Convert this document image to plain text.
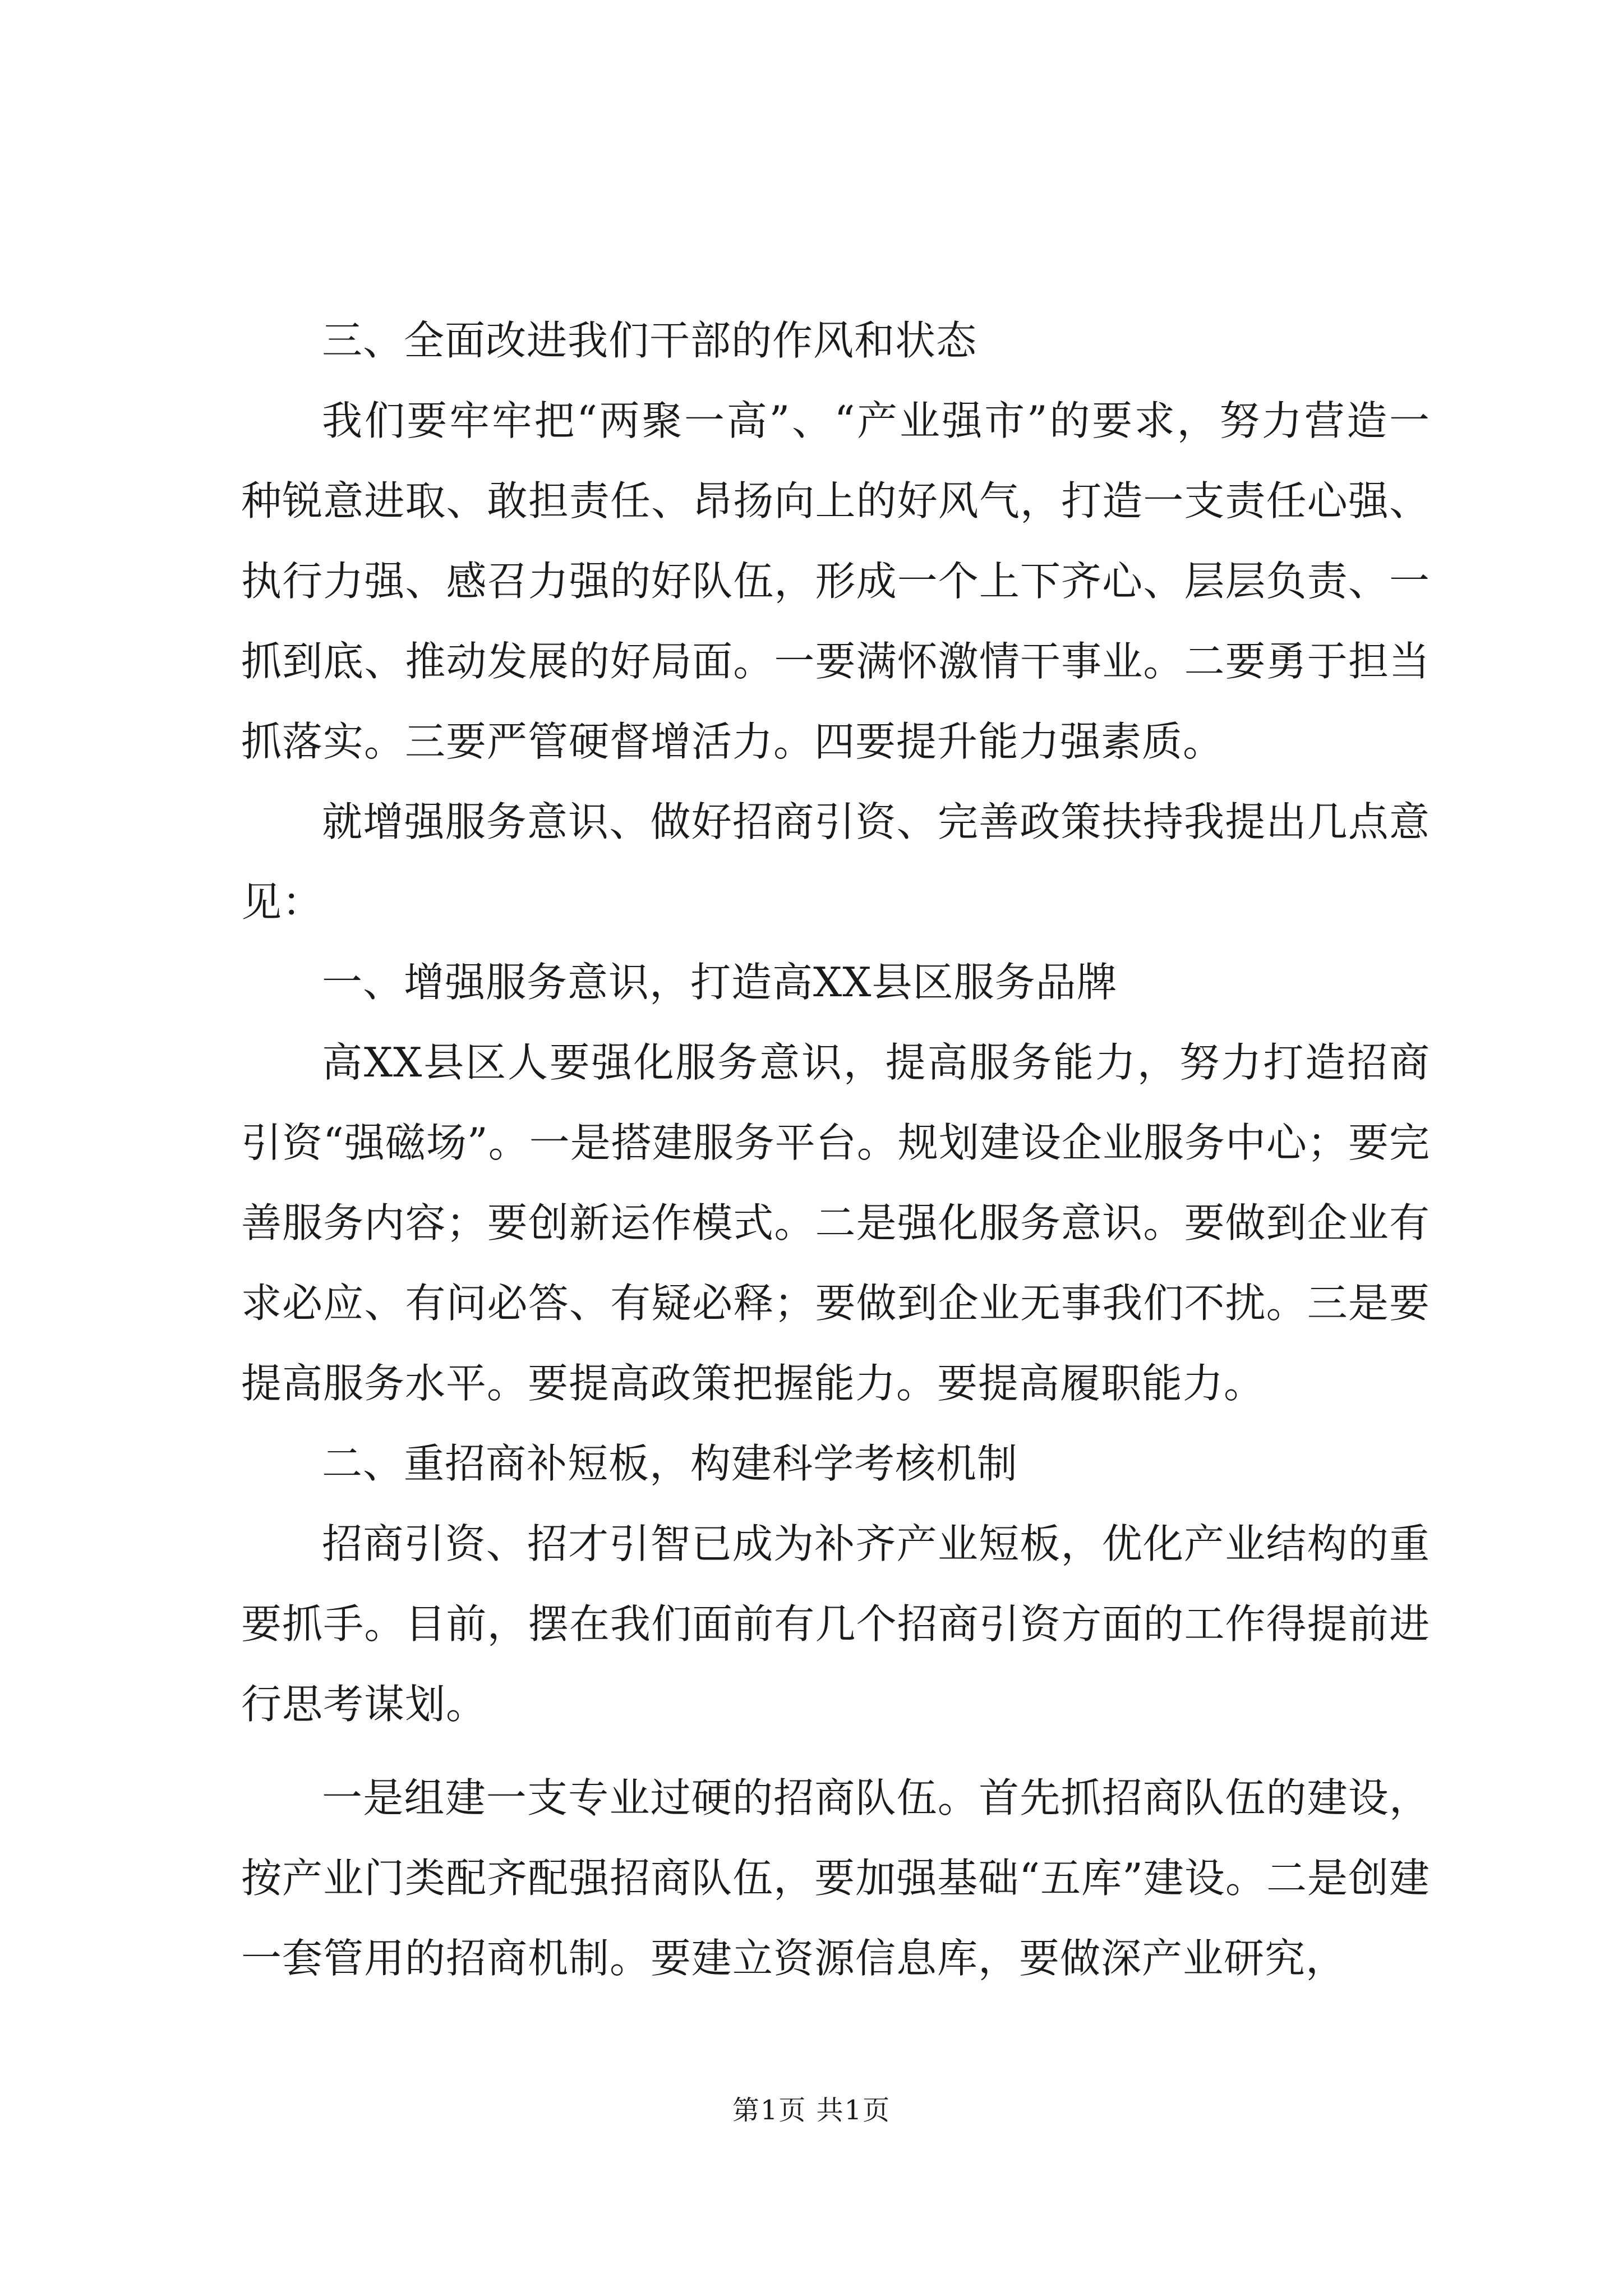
三、全面改进我们干部的作风和状态

我们要牢牢把“两聚一高”、“产业强市”的要求，努力营造一种锐意进取、敢担责任、昂扬向上的好风气，打造一支责任心强、执行力强、感召力强的好队伍，形成一个上下齐心、层层负责、一抓到底、推动发展的好局面。一要满怀激情干事业。二要勇于担当抓落实。三要严管硬督增活力。四要提升能力强素质。

就增强服务意识、做好招商引资、完善政策扶持我提出几点意见：

一、增强服务意识，打造高XX县区服务品牌

高XX县区人要强化服务意识，提高服务能力，努力打造招商引资“强磁场”。一是搭建服务平台。规划建设企业服务中心；要完善服务内容；要创新运作模式。二是强化服务意识。要做到企业有求必应、有问必答、有疑必释；要做到企业无事我们不扰。三是要提高服务水平。要提高政策把握能力。要提高履职能力。

二、重招商补短板，构建科学考核机制

招商引资、招才引智已成为补齐产业短板，优化产业结构的重要抓手。目前，摆在我们面前有几个招商引资方面的工作得提前进行思考谋划。

一是组建一支专业过硬的招商队伍。首先抓招商队伍的建设，按产业门类配齐配强招商队伍，要加强基础“五库”建设。二是创建一套管用的招商机制。要建立资源信息库，要做深产业研究，

第1页 共1页
